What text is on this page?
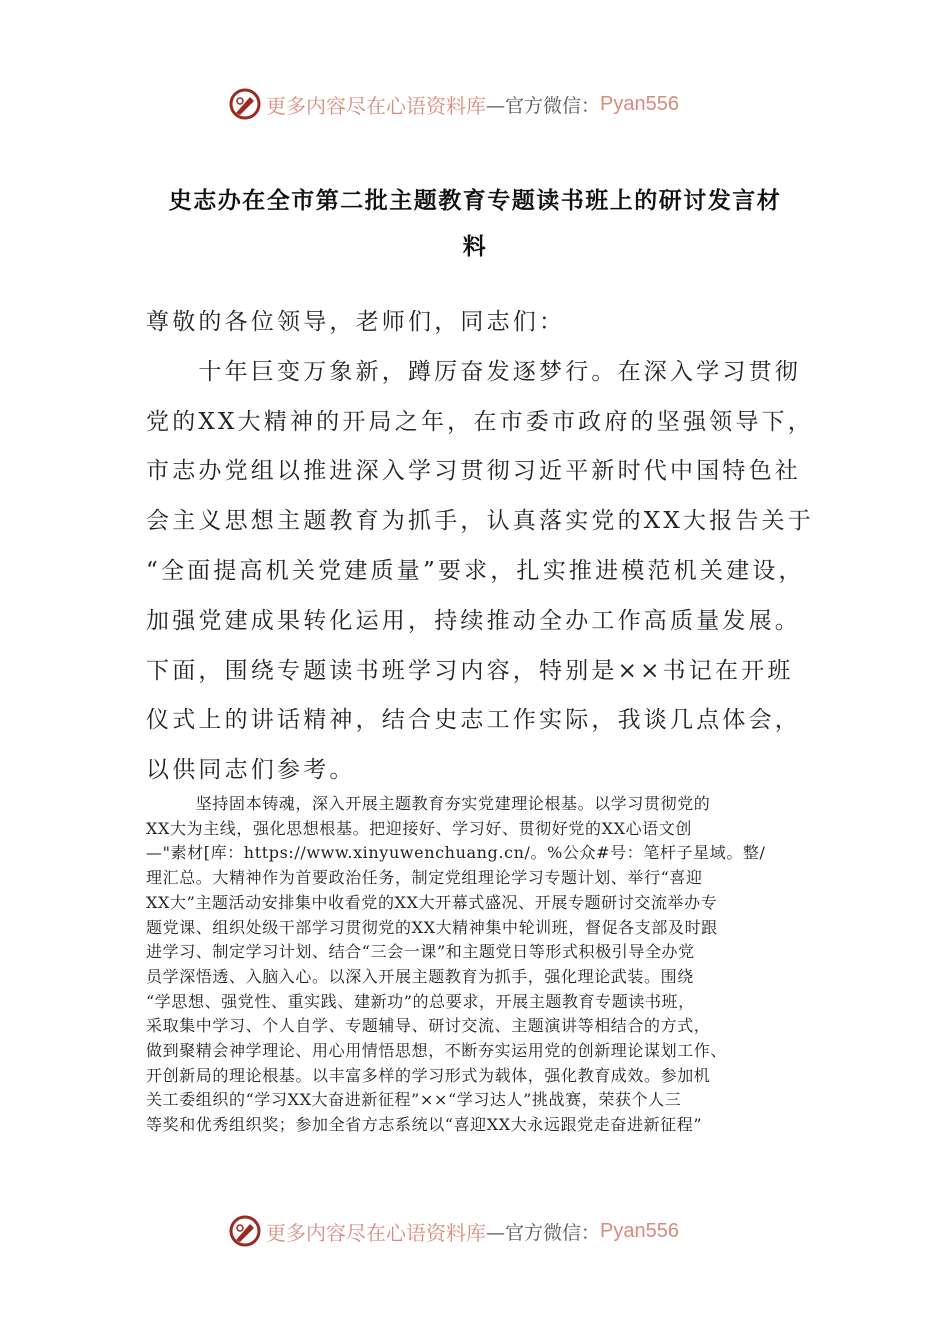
更多内容尽在心语资料库 —官方微信： Pyan556
史志办在全市第二批主题教育专题读书班上的研讨发言材
料
尊敬的各位领导，老师们，同志们：
　　十年巨变万象新，蹲厉奋发逐梦行。在深入学习贯彻
党的XX大精神的开局之年，在市委市政府的坚强领导下，
市志办党组以推进深入学习贯彻习近平新时代中国特色社
会主义思想主题教育为抓手，认真落实党的XX大报告关于
“全面提高机关党建质量”要求，扎实推进模范机关建设，
加强党建成果转化运用，持续推动全办工作高质量发展。
下面，围绕专题读书班学习内容，特别是××书记在开班
仪式上的讲话精神，结合史志工作实际，我谈几点体会，
以供同志们参考。
　　　坚持固本铸魂，深入开展主题教育夯实党建理论根基。以学习贯彻党的
XX大为主线，强化思想根基。把迎接好、学习好、贯彻好党的XX心语文创
—"素材[库：https://www.xinyuwenchuang.cn/。%公众#号：笔杆子星域。整/
理汇总。大精神作为首要政治任务，制定党组理论学习专题计划、举行“喜迎
XX大”主题活动安排集中收看党的XX大开幕式盛况、开展专题研讨交流举办专
题党课、组织处级干部学习贯彻党的XX大精神集中轮训班，督促各支部及时跟
进学习、制定学习计划、结合“三会一课”和主题党日等形式积极引导全办党
员学深悟透、入脑入心。以深入开展主题教育为抓手，强化理论武装。围绕
“学思想、强党性、重实践、建新功”的总要求，开展主题教育专题读书班，
采取集中学习、个人自学、专题辅导、研讨交流、主题演讲等相结合的方式，
做到聚精会神学理论、用心用情悟思想，不断夯实运用党的创新理论谋划工作、
开创新局的理论根基。以丰富多样的学习形式为载体，强化教育成效。参加机
关工委组织的“学习XX大奋进新征程”××“学习达人”挑战赛，荣获个人三
等奖和优秀组织奖；参加全省方志系统以“喜迎XX大永远跟党走奋进新征程”
更多内容尽在心语资料库 —官方微信： Pyan556
